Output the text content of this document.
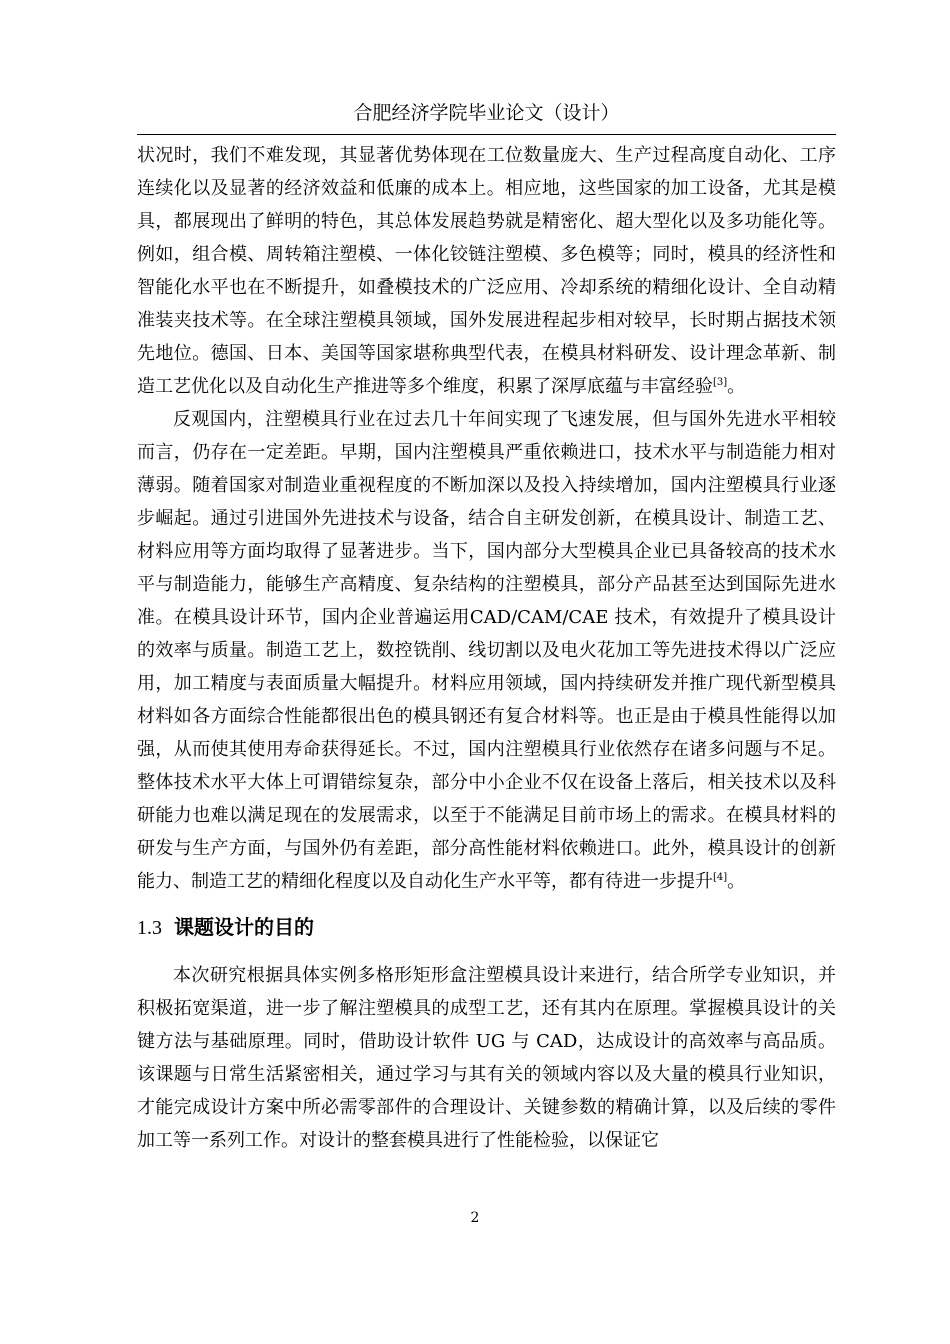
合肥经济学院毕业论文（设计）

状况时，我们不难发现，其显著优势体现在工位数量庞大、生产过程高度自动化、工序连续化以及显著的经济效益和低廉的成本上。相应地，这些国家的加工设备，尤其是模具，都展现出了鲜明的特色，其总体发展趋势就是精密化、超大型化以及多功能化等。例如，组合模、周转箱注塑模、一体化铰链注塑模、多色模等；同时，模具的经济性和智能化水平也在不断提升，如叠模技术的广泛应用、冷却系统的精细化设计、全自动精准装夹技术等。在全球注塑模具领域，国外发展进程起步相对较早，长时期占据技术领先地位。德国、日本、美国等国家堪称典型代表，在模具材料研发、设计理念革新、制造工艺优化以及自动化生产推进等多个维度，积累了深厚底蕴与丰富经验[3]。

反观国内，注塑模具行业在过去几十年间实现了飞速发展，但与国外先进水平相较而言，仍存在一定差距。早期，国内注塑模具严重依赖进口，技术水平与制造能力相对薄弱。随着国家对制造业重视程度的不断加深以及投入持续增加，国内注塑模具行业逐步崛起。通过引进国外先进技术与设备，结合自主研发创新，在模具设计、制造工艺、材料应用等方面均取得了显著进步。当下，国内部分大型模具企业已具备较高的技术水平与制造能力，能够生产高精度、复杂结构的注塑模具，部分产品甚至达到国际先进水准。在模具设计环节，国内企业普遍运用CAD/CAM/CAE 技术，有效提升了模具设计的效率与质量。制造工艺上，数控铣削、线切割以及电火花加工等先进技术得以广泛应用，加工精度与表面质量大幅提升。材料应用领域，国内持续研发并推广现代新型模具材料如各方面综合性能都很出色的模具钢还有复合材料等。也正是由于模具性能得以加强，从而使其使用寿命获得延长。不过，国内注塑模具行业依然存在诸多问题与不足。整体技术水平大体上可谓错综复杂，部分中小企业不仅在设备上落后，相关技术以及科研能力也难以满足现在的发展需求，以至于不能满足目前市场上的需求。在模具材料的研发与生产方面，与国外仍有差距，部分高性能材料依赖进口。此外，模具设计的创新能力、制造工艺的精细化程度以及自动化生产水平等，都有待进一步提升[4]。

1.3 课题设计的目的

本次研究根据具体实例多格形矩形盒注塑模具设计来进行，结合所学专业知识，并积极拓宽渠道，进一步了解注塑模具的成型工艺，还有其内在原理。掌握模具设计的关键方法与基础原理。同时，借助设计软件 UG 与 CAD，达成设计的高效率与高品质。该课题与日常生活紧密相关，通过学习与其有关的领域内容以及大量的模具行业知识，才能完成设计方案中所必需零部件的合理设计、关键参数的精确计算，以及后续的零件加工等一系列工作。对设计的整套模具进行了性能检验，以保证它

2
